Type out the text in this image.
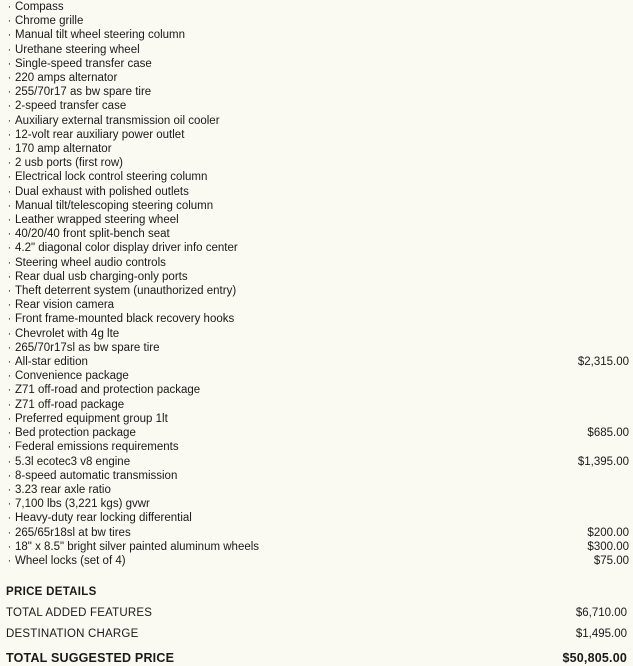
· Compass
· Chrome grille
· Manual tilt wheel steering column
· Urethane steering wheel
· Single-speed transfer case
· 220 amps alternator
· 255/70r17 as bw spare tire
· 2-speed transfer case
· Auxiliary external transmission oil cooler
· 12-volt rear auxiliary power outlet
· 170 amp alternator
· 2 usb ports (first row)
· Electrical lock control steering column
· Dual exhaust with polished outlets
· Manual tilt/telescoping steering column
· Leather wrapped steering wheel
· 40/20/40 front split-bench seat
· 4.2" diagonal color display driver info center
· Steering wheel audio controls
· Rear dual usb charging-only ports
· Theft deterrent system (unauthorized entry)
· Rear vision camera
· Front frame-mounted black recovery hooks
· Chevrolet with 4g lte
· 265/70r17sl as bw spare tire
· All-star edition	$2,315.00
· Convenience package
· Z71 off-road and protection package
· Z71 off-road package
· Preferred equipment group 1lt
· Bed protection package	$685.00
· Federal emissions requirements
· 5.3l ecotec3 v8 engine	$1,395.00
· 8-speed automatic transmission
· 3.23 rear axle ratio
· 7,100 lbs (3,221 kgs) gvwr
· Heavy-duty rear locking differential
· 265/65r18sl at bw tires	$200.00
· 18" x 8.5" bright silver painted aluminum wheels	$300.00
· Wheel locks (set of 4)	$75.00
PRICE DETAILS
TOTAL ADDED FEATURES	$6,710.00
DESTINATION CHARGE	$1,495.00
TOTAL SUGGESTED PRICE	$50,805.00
